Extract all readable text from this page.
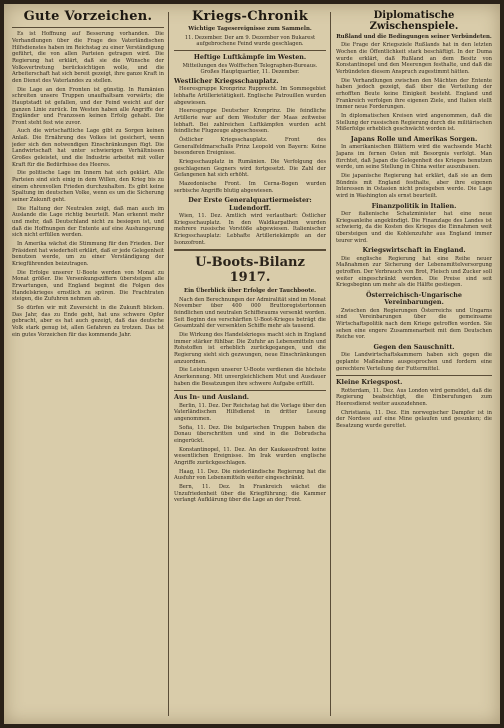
Gute Vorzeichen.

Es ist Hoffnung auf Besserung vorhanden. Die Verhandlungen über die Frage des Vaterländischen Hilfsdienstes haben im Reichstag zu einer Verständigung geführt, die von allen Parteien getragen wird. Die Regierung hat erklärt, daß sie die Wünsche der Volksvertretung berücksichtigen wolle, und die Arbeiterschaft hat sich bereit gezeigt, ihre ganze Kraft in den Dienst des Vaterlandes zu stellen.

Die Lage an den Fronten ist günstig. In Rumänien schreiten unsere Truppen unaufhaltsam vorwärts; die Hauptstadt ist gefallen, und der Feind weicht auf der ganzen Linie zurück. Im Westen haben alle Angriffe der Engländer und Franzosen keinen Erfolg gehabt. Die Front steht fest wie zuvor.

Auch die wirtschaftliche Lage gibt zu Sorgen keinen Anlaß. Die Ernährung des Volkes ist gesichert, wenn jeder sich den notwendigen Einschränkungen fügt. Die Landwirtschaft hat unter schwierigen Verhältnissen Großes geleistet, und die Industrie arbeitet mit voller Kraft für die Bedürfnisse des Heeres.

Die politische Lage im Innern hat sich geklärt. Alle Parteien sind sich einig in dem Willen, den Krieg bis zu einem ehrenvollen Frieden durchzuhalten. Es gibt keine Spaltung im deutschen Volke, wenn es um die Sicherung seiner Zukunft geht.

Die Haltung der Neutralen zeigt, daß man auch im Auslande die Lage richtig beurteilt. Man erkennt mehr und mehr, daß Deutschland nicht zu besiegen ist, und daß die Hoffnungen der Entente auf eine Aushungerung sich nicht erfüllen werden.

In Amerika wächst die Stimmung für den Frieden. Der Präsident hat wiederholt erklärt, daß er jede Gelegenheit benutzen werde, um zu einer Verständigung der Kriegführenden beizutragen.

Die Erfolge unserer U-Boote werden von Monat zu Monat größer. Die Versenkungsziffern übersteigen alle Erwartungen, und England beginnt die Folgen des Handelskrieges ernstlich zu spüren. Die Frachtraten steigen, die Zufuhren nehmen ab.

So dürfen wir mit Zuversicht in die Zukunft blicken. Das Jahr, das zu Ende geht, hat uns schwere Opfer gebracht, aber es hat auch gezeigt, daß das deutsche Volk stark genug ist, allen Gefahren zu trotzen. Das ist ein gutes Vorzeichen für das kommende Jahr.

Kriegs-Chronik
Wichtige Tagesereignisse zum Sammeln.
11. Dezember. Der am 9. Dezember von Bukarest aufgebrochene Feind wurde geschlagen.
Heftige Luftkämpfe im Westen.
Mitteilungen des Wolffschen Telegraphen-Bureaus. Großes Hauptquartier, 11. Dezember.
Westlicher Kriegsschauplatz.

Heeresgruppe Kronprinz Rupprecht. Im Sommegebiet lebhafte Artillerietätigkeit. Englische Patrouillen wurden abgewiesen.

Heeresgruppe Deutscher Kronprinz. Die feindliche Artillerie war auf dem Westufer der Maas zeitweise lebhaft. Bei zahlreichen Luftkämpfen wurden acht feindliche Flugzeuge abgeschossen.

Östlicher Kriegsschauplatz. Front des Generalfeldmarschalls Prinz Leopold von Bayern: Keine besonderen Ereignisse.

Kriegsschauplatz in Rumänien. Die Verfolgung des geschlagenen Gegners wird fortgesetzt. Die Zahl der Gefangenen hat sich erhöht.

Mazedonische Front. Im Cerna-Bogen wurden serbische Angriffe blutig abgewiesen.

Der Erste Generalquartiermeister: Ludendorff.

Wien, 11. Dez. Amtlich wird verlautbart: Östlicher Kriegsschauplatz. In den Waldkarpathen wurden mehrere russische Vorstöße abgewiesen. Italienischer Kriegsschauplatz: Lebhafte Artilleriekämpfe an der Isonzofront.

U-Boots-Bilanz 1917.
Ein Überblick über Erfolge der Tauchboote.

Nach den Berechnungen der Admiralität sind im Monat November über 400 000 Bruttoregistertonnen feindlichen und neutralen Schiffsraums versenkt worden. Seit Beginn des verschärften U-Boot-Krieges beträgt die Gesamtzahl der versenkten Schiffe mehr als tausend.

Die Wirkung des Handelskrieges macht sich in England immer stärker fühlbar. Die Zufuhr an Lebensmitteln und Rohstoffen ist erheblich zurückgegangen, und die Regierung sieht sich gezwungen, neue Einschränkungen anzuordnen.

Die Leistungen unserer U-Boote verdienen die höchste Anerkennung. Mit unvergleichlichem Mut und Ausdauer haben die Besatzungen ihre schwere Aufgabe erfüllt.

Aus In- und Ausland.

Berlin, 11. Dez. Der Reichstag hat die Vorlage über den Vaterländischen Hilfsdienst in dritter Lesung angenommen.

Sofia, 11. Dez. Die bulgarischen Truppen haben die Donau überschritten und sind in die Dobrudscha eingerückt.

Konstantinopel, 11. Dez. An der Kaukasusfront keine wesentlichen Ereignisse. Im Irak wurden englische Angriffe zurückgeschlagen.

Haag, 11. Dez. Die niederländische Regierung hat die Ausfuhr von Lebensmitteln weiter eingeschränkt.

Bern, 11. Dez. In Frankreich wächst die Unzufriedenheit über die Kriegführung; die Kammer verlangt Aufklärung über die Lage an der Front.

Diplomatische Zwischenspiele.
Rußland und die Bedingungen seiner Verbündeten.

Die Frage der Kriegsziele Rußlands hat in den letzten Wochen die Öffentlichkeit stark beschäftigt. In der Duma wurde erklärt, daß Rußland an dem Besitz von Konstantinopel und den Meerengen festhalte, und daß die Verbündeten diesem Anspruch zugestimmt hätten.

Die Verhandlungen zwischen den Mächten der Entente haben jedoch gezeigt, daß über die Verteilung der erhofften Beute keine Einigkeit besteht. England und Frankreich verfolgen ihre eigenen Ziele, und Italien stellt immer neue Forderungen.

In diplomatischen Kreisen wird angenommen, daß die Stellung der russischen Regierung durch die militärischen Mißerfolge erheblich geschwächt worden ist.

Japans Rolle und Amerikas Sorgen.

In amerikanischen Blättern wird die wachsende Macht Japans im fernen Osten mit Besorgnis verfolgt. Man fürchtet, daß Japan die Gelegenheit des Krieges benutzen werde, um seine Stellung in China weiter auszubauen.

Die japanische Regierung hat erklärt, daß sie an dem Bündnis mit England festhalte, aber ihre eigenen Interessen in Ostasien nicht preisgeben werde. Die Lage wird in Washington als ernst beurteilt.

Finanzpolitik in Italien.

Der italienische Schatzminister hat eine neue Kriegsanleihe angekündigt. Die Finanzlage des Landes ist schwierig, da die Kosten des Krieges die Einnahmen weit übersteigen und die Kohlenzufuhr aus England immer teurer wird.

Kriegswirtschaft in England.

Die englische Regierung hat eine Reihe neuer Maßnahmen zur Sicherung der Lebensmittelversorgung getroffen. Der Verbrauch von Brot, Fleisch und Zucker soll weiter eingeschränkt werden. Die Preise sind seit Kriegsbeginn um mehr als die Hälfte gestiegen.

Österreichisch-Ungarische Vereinbarungen.

Zwischen den Regierungen Österreichs und Ungarns sind Vereinbarungen über die gemeinsame Wirtschaftspolitik nach dem Kriege getroffen worden. Sie sehen eine engere Zusammenarbeit mit dem Deutschen Reiche vor.

Gegen den Sauschnitt.

Die Landwirtschaftskammern haben sich gegen die geplante Maßnahme ausgesprochen und fordern eine gerechtere Verteilung der Futtermittel.

Kleine Kriegspost.

Rotterdam, 11. Dez. Aus London wird gemeldet, daß die Regierung beabsichtigt, die Einberufungen zum Heeresdienst weiter auszudehnen.

Christiania, 11. Dez. Ein norwegischer Dampfer ist in der Nordsee auf eine Mine gelaufen und gesunken; die Besatzung wurde gerettet.
